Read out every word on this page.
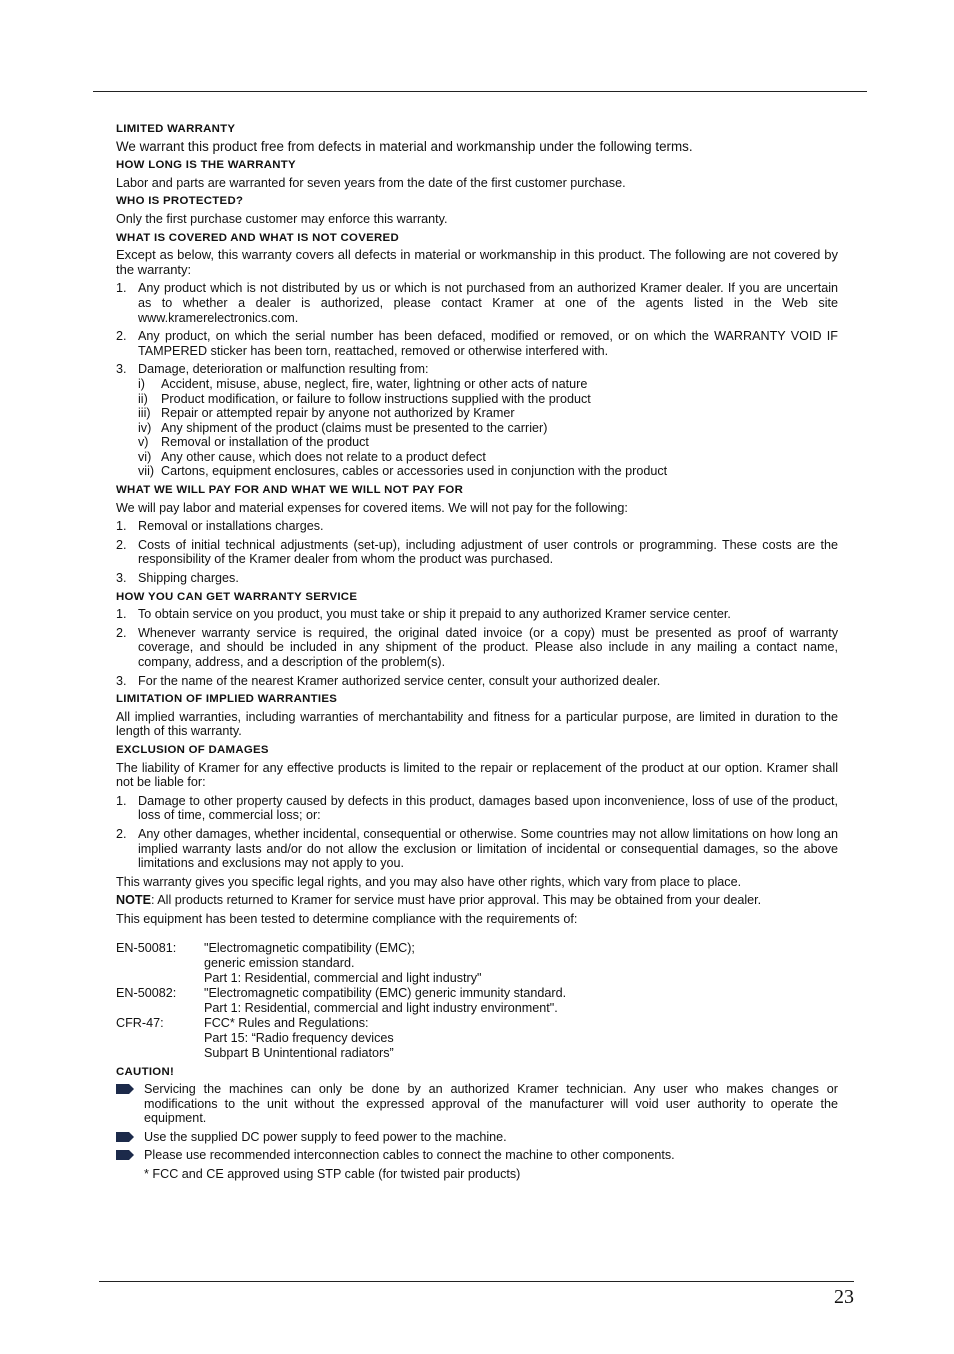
LIMITED WARRANTY
We warrant this product free from defects in material and workmanship under the following terms.
HOW LONG IS THE WARRANTY
Labor and parts are warranted for seven years from the date of the first customer purchase.
WHO IS PROTECTED?
Only the first purchase customer may enforce this warranty.
WHAT IS COVERED AND WHAT IS NOT COVERED
Except as below, this warranty covers all defects in material or workmanship in this product. The following are not covered by the warranty:
1. Any product which is not distributed by us or which is not purchased from an authorized Kramer dealer. If you are uncertain as to whether a dealer is authorized, please contact Kramer at one of the agents listed in the Web site www.kramerelectronics.com.
2. Any product, on which the serial number has been defaced, modified or removed, or on which the WARRANTY VOID IF TAMPERED sticker has been torn, reattached, removed or otherwise interfered with.
3. Damage, deterioration or malfunction resulting from:
i) Accident, misuse, abuse, neglect, fire, water, lightning or other acts of nature
ii) Product modification, or failure to follow instructions supplied with the product
iii) Repair or attempted repair by anyone not authorized by Kramer
iv) Any shipment of the product (claims must be presented to the carrier)
v) Removal or installation of the product
vi) Any other cause, which does not relate to a product defect
vii) Cartons, equipment enclosures, cables or accessories used in conjunction with the product
WHAT WE WILL PAY FOR AND WHAT WE WILL NOT PAY FOR
We will pay labor and material expenses for covered items. We will not pay for the following:
1. Removal or installations charges.
2. Costs of initial technical adjustments (set-up), including adjustment of user controls or programming. These costs are the responsibility of the Kramer dealer from whom the product was purchased.
3. Shipping charges.
HOW YOU CAN GET WARRANTY SERVICE
1. To obtain service on you product, you must take or ship it prepaid to any authorized Kramer service center.
2. Whenever warranty service is required, the original dated invoice (or a copy) must be presented as proof of warranty coverage, and should be included in any shipment of the product. Please also include in any mailing a contact name, company, address, and a description of the problem(s).
3. For the name of the nearest Kramer authorized service center, consult your authorized dealer.
LIMITATION OF IMPLIED WARRANTIES
All implied warranties, including warranties of merchantability and fitness for a particular purpose, are limited in duration to the length of this warranty.
EXCLUSION OF DAMAGES
The liability of Kramer for any effective products is limited to the repair or replacement of the product at our option. Kramer shall not be liable for:
1. Damage to other property caused by defects in this product, damages based upon inconvenience, loss of use of the product, loss of time, commercial loss; or:
2. Any other damages, whether incidental, consequential or otherwise. Some countries may not allow limitations on how long an implied warranty lasts and/or do not allow the exclusion or limitation of incidental or consequential damages, so the above limitations and exclusions may not apply to you.
This warranty gives you specific legal rights, and you may also have other rights, which vary from place to place.
NOTE: All products returned to Kramer for service must have prior approval. This may be obtained from your dealer.
This equipment has been tested to determine compliance with the requirements of:
EN-50081:	"Electromagnetic compatibility (EMC);
generic emission standard.
Part 1: Residential, commercial and light industry"
EN-50082:	"Electromagnetic compatibility (EMC) generic immunity standard.
Part 1: Residential, commercial and light industry environment".
CFR-47:	FCC* Rules and Regulations:
Part 15: “Radio frequency devices
Subpart B Unintentional radiators”
CAUTION!
Servicing the machines can only be done by an authorized Kramer technician. Any user who makes changes or modifications to the unit without the expressed approval of the manufacturer will void user authority to operate the equipment.
Use the supplied DC power supply to feed power to the machine.
Please use recommended interconnection cables to connect the machine to other components.
* FCC and CE approved using STP cable (for twisted pair products)
23
